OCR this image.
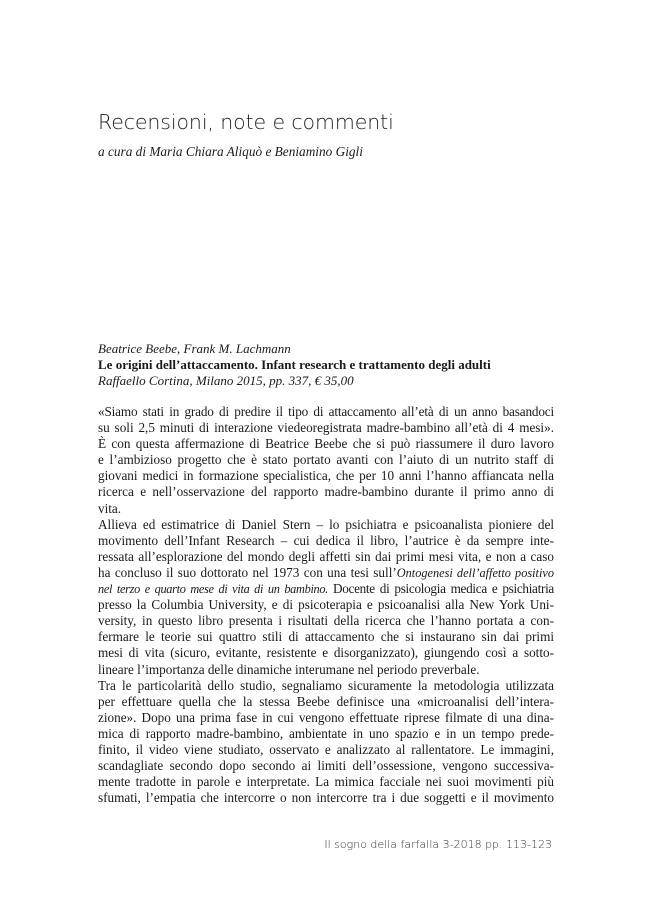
Recensioni, note e commenti

a cura di Maria Chiara Aliquò e Beniamino Gigli

Beatrice Beebe, Frank M. Lachmann
Le origini dell’attaccamento. Infant research e trattamento degli adulti
Raffaello Cortina, Milano 2015, pp. 337, € 35,00
«Siamo stati in grado di predire il tipo di attaccamento all’età di un anno basandoci
su soli 2,5 minuti di interazione viedeoregistrata madre-bambino all’età di 4 mesi».
È con questa affermazione di Beatrice Beebe che si può riassumere il duro lavoro
e l’ambizioso progetto che è stato portato avanti con l’aiuto di un nutrito staff di
giovani medici in formazione specialistica, che per 10 anni l’hanno affiancata nella
ricerca e nell’osservazione del rapporto madre-bambino durante il primo anno di
vita.
Allieva ed estimatrice di Daniel Stern – lo psichiatra e psicoanalista pioniere del
movimento dell’Infant Research – cui dedica il libro, l’autrice è da sempre inte-
ressata all’esplorazione del mondo degli affetti sin dai primi mesi vita, e non a caso
ha concluso il suo dottorato nel 1973 con una tesi sull’Ontogenesi dell’affetto positivo
nel terzo e quarto mese di vita di un bambino. Docente di psicologia medica e psichiatria
presso la Columbia University, e di psicoterapia e psicoanalisi alla New York Uni-
versity, in questo libro presenta i risultati della ricerca che l’hanno portata a con-
fermare le teorie sui quattro stili di attaccamento che si instaurano sin dai primi
mesi di vita (sicuro, evitante, resistente e disorganizzato), giungendo così a sotto-
lineare l’importanza delle dinamiche interumane nel periodo preverbale.
Tra le particolarità dello studio, segnaliamo sicuramente la metodologia utilizzata
per effettuare quella che la stessa Beebe definisce una «microanalisi dell’intera-
zione». Dopo una prima fase in cui vengono effettuate riprese filmate di una dina-
mica di rapporto madre-bambino, ambientate in uno spazio e in un tempo prede-
finito, il video viene studiato, osservato e analizzato al rallentatore. Le immagini,
scandagliate secondo dopo secondo ai limiti dell’ossessione, vengono successiva-
mente tradotte in parole e interpretate. La mimica facciale nei suoi movimenti più
sfumati, l’empatia che intercorre o non intercorre tra i due soggetti e il movimento

Il sogno della farfalla 3-2018 pp. 113-123
